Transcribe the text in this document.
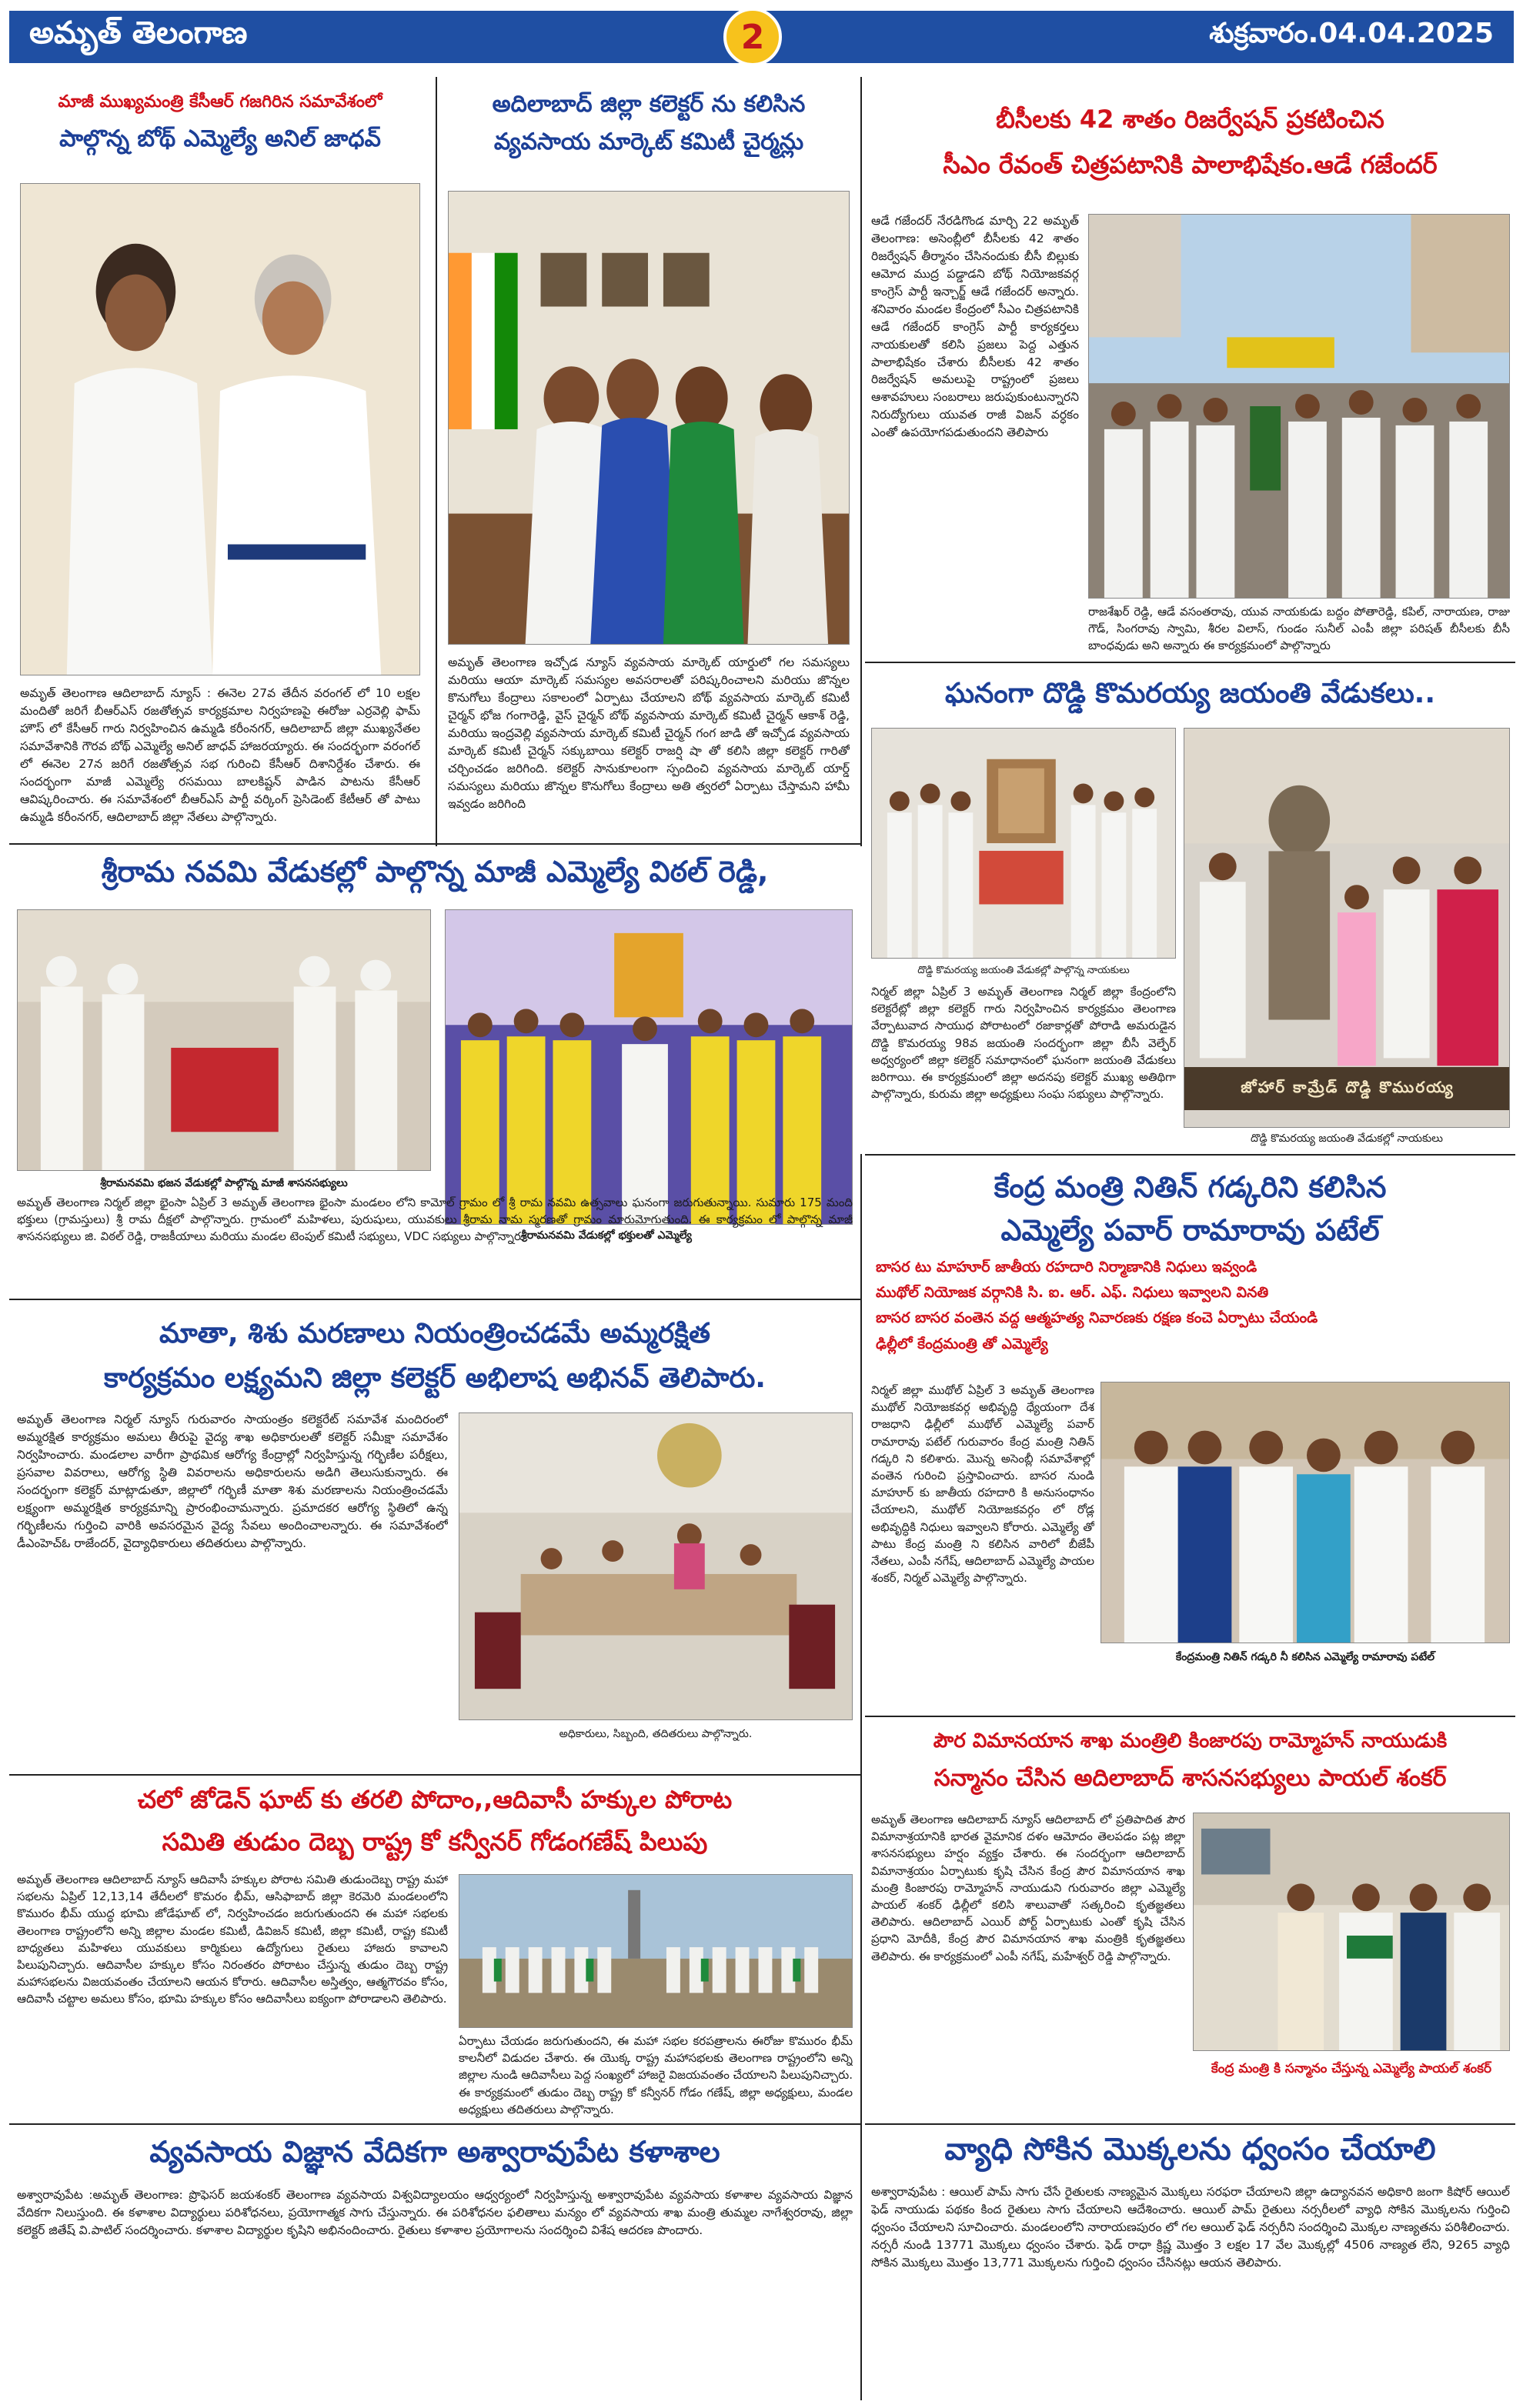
అమృత్ తెలంగాణ	శుక్రవారం.04.04.2025
2
మాజీ ముఖ్యమంత్రి కేసీఆర్ గజగిరిన సమావేశంలో
పాల్గొన్న బోథ్ ఎమ్మెల్యే అనిల్ జాధవ్
అమృత్ తెలంగాణ ఆదిలాబాద్ న్యూస్ : ఈనెల 27వ తేదీన వరంగల్ లో 10 లక్షల మందితో జరిగే బీఆర్ఎస్ రజతోత్సవ కార్యక్రమాల నిర్వహణపై ఈరోజు ఎర్రవెల్లి ఫామ్ హౌస్ లో కేసీఆర్ గారు నిర్వహించిన ఉమ్మడి కరీంనగర్, ఆదిలాబాద్ జిల్లా ముఖ్యనేతల సమావేశానికి గౌరవ బోథ్ ఎమ్మెల్యే అనిల్ జాధవ్ హాజరయ్యారు. ఈ సందర్భంగా వరంగల్ లో ఈనెల 27న జరిగే రజతోత్సవ సభ గురించి కేసీఆర్ దిశానిర్దేశం చేశారు. ఈ సందర్భంగా మాజీ ఎమ్మెల్యే రసమయి బాలకిష్టన్ పాడిన పాటను కేసీఆర్ ఆవిష్కరించారు. ఈ సమావేశంలో బీఆర్ఎస్ పార్టీ వర్కింగ్ ప్రెసిడెంట్ కేటీఆర్ తో పాటు ఉమ్మడి కరీంనగర్, ఆదిలాబాద్ జిల్లా నేతలు పాల్గొన్నారు.
అదిలాబాద్ జిల్లా కలెక్టర్ ను కలిసిన
వ్యవసాయ మార్కెట్ కమిటీ చైర్మన్లు
అమృత్ తెలంగాణ ఇచ్చోడ న్యూస్ వ్యవసాయ మార్కెట్ యార్డులో గల సమస్యలు మరియు ఆయా మార్కెట్ సమస్యల అవసరాలతో పరిష్కరించాలని మరియు జొన్నల కొనుగోలు కేంద్రాలు సకాలంలో ఏర్పాటు చేయాలని బోథ్ వ్యవసాయ మార్కెట్ కమిటీ చైర్మన్ భోజ గంగారెడ్డి, వైస్ చైర్మన్ బోథ్ వ్యవసాయ మార్కెట్ కమిటీ చైర్మన్ ఆకాశ్ రెడ్డి, మరియు ఇంద్రవెల్లి వ్యవసాయ మార్కెట్ కమిటీ చైర్మన్ గంగ జాడి తో ఇచ్చోడ వ్యవసాయ మార్కెట్ కమిటీ చైర్మన్ సక్కుబాయి కలెక్టర్ రాజర్షి షా తో కలిసి జిల్లా కలెక్టర్ గారితో చర్చించడం జరిగింది. కలెక్టర్ సానుకూలంగా స్పందించి వ్యవసాయ మార్కెట్ యార్డ్ సమస్యలు మరియు జొన్నల కొనుగోలు కేంద్రాలు అతి త్వరలో ఏర్పాటు చేస్తామని హామీ ఇవ్వడం జరిగింది
బీసీలకు 42 శాతం రిజర్వేషన్ ప్రకటించిన
సీఎం రేవంత్ చిత్రపటానికి పాలాభిషేకం.ఆడే గజేందర్
ఆడే గజేందర్ నేరడిగొండ మార్చి 22 అమృత్ తెలంగాణ: అసెంబ్లీలో బీసీలకు 42 శాతం రిజర్వేషన్ తీర్మానం చేసినందుకు బీసీ బిల్లుకు ఆమోద ముద్ర పడ్డాడని బోథ్ నియోజకవర్గ కాంగ్రెస్ పార్టీ ఇన్చార్జ్ ఆడే గజేందర్ అన్నారు. శనివారం మండల కేంద్రంలో సీఎం చిత్రపటానికి ఆడే గజేందర్ కాంగ్రెస్ పార్టీ కార్యకర్తలు నాయకులతో కలిసి ప్రజలు పెద్ద ఎత్తున పాలాభిషేకం చేశారు బీసీలకు 42 శాతం రిజర్వేషన్ అమలుపై రాష్ట్రంలో ప్రజలు ఆశావహులు సంబరాలు జరుపుకుంటున్నారని నిరుద్యోగులు యువత రాజీ విజన్ వర్ధకం ఎంతో ఉపయోగపడుతుందని తెలిపారు
రాజశేఖర్ రెడ్డి, ఆడే వసంతరావు, యువ నాయకుడు బద్దం పోతారెడ్డి, కపిల్, నారాయణ, రాజు గౌడ్, సింగరావు స్వామి, శీరల విలాస్, గుండం సునీల్ ఎంపీ జిల్లా పరిషత్ బీసీలకు బీసీ బాంధవుడు అని అన్నారు ఈ కార్యక్రమంలో పాల్గొన్నారు
ఘనంగా దొడ్డి కొమరయ్య జయంతి వేడుకలు..
దొడ్డి కొమరయ్య జయంతి వేడుకల్లో పాల్గొన్న నాయకులు
నిర్మల్ జిల్లా ఏప్రిల్ 3 అమృత్ తెలంగాణ నిర్మల్ జిల్లా కేంద్రంలోని కలెక్టరేట్లో జిల్లా కలెక్టర్ గారు నిర్వహించిన కార్యక్రమం తెలంగాణ వేర్పాటువాద సాయుధ పోరాటంలో రజాకార్లతో పోరాడి అమరుడైన దొడ్డి కొమరయ్య 98వ జయంతి సందర్భంగా జిల్లా బీసీ వెల్ఫేర్ అధ్వర్యంలో జిల్లా కలెక్టర్ సమాధానంలో ఘనంగా జయంతి వేడుకలు జరిగాయి. ఈ కార్యక్రమంలో జిల్లా అదనపు కలెక్టర్ ముఖ్య అతిథిగా పాల్గొన్నారు, కురుమ జిల్లా అధ్యక్షులు సంఘ సభ్యులు పాల్గొన్నారు.	జోహార్ కామ్రేడ్ దొడ్డి కొమురయ్య
దొడ్డి కొమరయ్య జయంతి వేడుకల్లో నాయకులు
శ్రీరామ నవమి వేడుకల్లో పాల్గొన్న మాజీ ఎమ్మెల్యే విఠల్ రెడ్డి,
శ్రీరామనవమి భజన వేడుకల్లో పాల్గొన్న మాజీ శాసనసభ్యులు
శ్రీరామనవమి వేడుకల్లో భక్తులతో ఎమ్మెల్యే
అమృత్ తెలంగాణ నిర్మల్ జిల్లా భైంసా ఏప్రిల్ 3 అమృత్ తెలంగాణ భైంసా మండలం లోని కామోల్ గ్రామం లో శ్రీ రామ నవమి ఉత్సవాలు ఘనంగా జరుగుతున్నాయి. సుమారు 175 మంది భక్తులు (గ్రామస్తులు) శ్రీ రామ దీక్షలో పాల్గొన్నారు. గ్రామంలో మహిళలు, పురుషులు, యువకులు శ్రీరామ నామ స్మరణతో గ్రామం మారుమోగుతుంది. ఈ కార్యక్రమం లో పాల్గొన్న మాజీ శాసనసభ్యులు జి. విఠల్ రెడ్డి, రాజకీయాలు మరియు మండల టెంపుల్ కమిటీ సభ్యులు, VDC సభ్యులు పాల్గొన్నారు
మాతా, శిశు మరణాలు నియంత్రించడమే అమ్మరక్షిత
కార్యక్రమం లక్ష్యమని జిల్లా కలెక్టర్ అభిలాష అభినవ్ తెలిపారు.
అమృత్ తెలంగాణ నిర్మల్ న్యూస్ గురువారం సాయంత్రం కలెక్టరేట్ సమావేశ మందిరంలో అమ్మరక్షిత కార్యక్రమం అమలు తీరుపై వైద్య శాఖ అధికారులతో కలెక్టర్ సమీక్షా సమావేశం నిర్వహించారు. మండలాల వారీగా ప్రాథమిక ఆరోగ్య కేంద్రాల్లో నిర్వహిస్తున్న గర్భిణీల పరీక్షలు, ప్రసవాల వివరాలు, ఆరోగ్య స్థితి వివరాలను అధికారులను అడిగి తెలుసుకున్నారు. ఈ సందర్భంగా కలెక్టర్ మాట్లాడుతూ, జిల్లాలో గర్భిణీ మాతా శిశు మరణాలను నియంత్రించడమే లక్ష్యంగా అమ్మరక్షిత కార్యక్రమాన్ని ప్రారంభించామన్నారు. ప్రమాదకర ఆరోగ్య స్థితిలో ఉన్న గర్భిణీలను గుర్తించి వారికి అవసరమైన వైద్య సేవలు అందించాలన్నారు. ఈ సమావేశంలో డీఎంహెచ్ఓ రాజేందర్, వైద్యాధికారులు తదితరులు పాల్గొన్నారు.
అధికారులు, సిబ్బంది, తదితరులు పాల్గొన్నారు.
కేంద్ర మంత్రి నితిన్ గడ్కరిని కలిసిన
ఎమ్మెల్యే పవార్ రామారావు పటేల్
బాసర టు మాహూర్ జాతీయ రహదారి నిర్మాణానికి నిధులు ఇవ్వండి
ముథోల్ నియోజక వర్గానికి సి. ఐ. ఆర్. ఎఫ్. నిధులు ఇవ్వాలని వినతి
బాసర బాసర వంతెన వద్ద ఆత్మహత్య నివారణకు రక్షణ కంచె ఏర్పాటు చేయండి
ఢిల్లీలో కేంద్రమంత్రి తో ఎమ్మెల్యే
నిర్మల్ జిల్లా ముథోల్ ఏప్రిల్ 3 అమృత్ తెలంగాణ ముథోల్ నియోజకవర్గ అభివృద్ధి ధ్యేయంగా దేశ రాజధాని ఢిల్లీలో ముథోల్ ఎమ్మెల్యే పవార్ రామారావు పటేల్ గురువారం కేంద్ర మంత్రి నితిన్ గడ్కరి ని కలిశారు. మొన్న అసెంబ్లీ సమావేశాల్లో వంతెన గురించి ప్రస్తావించారు. బాసర నుండి మాహూర్ కు జాతీయ రహదారి కి అనుసంధానం చేయాలని, ముథోల్ నియోజకవర్గం లో రోడ్ల అభివృద్ధికి నిధులు ఇవ్వాలని కోరారు. ఎమ్మెల్యే తో పాటు కేంద్ర మంత్రి ని కలిసిన వారిలో బీజేపీ నేతలు, ఎంపీ నగేష్, ఆదిలాబాద్ ఎమ్మెల్యే పాయల శంకర్, నిర్మల్ ఎమ్మెల్యే పాల్గొన్నారు.
కేంద్రమంత్రి నితిన్ గడ్కరి నీ కలిసిన ఎమ్మెల్యే రామారావు పటేల్
పౌర విమానయాన శాఖ మంత్రిలి కింజారపు రామ్మోహన్ నాయుడుకి
సన్మానం చేసిన అదిలాబాద్ శాసనసభ్యులు పాయల్ శంకర్
అమృత్ తెలంగాణ ఆదిలాబాద్ న్యూస్ ఆదిలాబాద్ లో ప్రతిపాదిత పౌర విమానాశ్రయానికి భారత వైమానిక దళం ఆమోదం తెలపడం పట్ల జిల్లా శాసనసభ్యులు హర్షం వ్యక్తం చేశారు. ఈ సందర్భంగా ఆదిలాబాద్ విమానాశ్రయం ఏర్పాటుకు కృషి చేసిన కేంద్ర పౌర విమానయాన శాఖ మంత్రి కింజారపు రామ్మోహన్ నాయుడుని గురువారం జిల్లా ఎమ్మెల్యే పాయల్ శంకర్ ఢిల్లీలో కలిసి శాలువాతో సత్కరించి కృతజ్ఞతలు తెలిపారు. ఆదిలాబాద్ ఎయిర్ పోర్ట్ ఏర్పాటుకు ఎంతో కృషి చేసిన ప్రధాని మోదీకి, కేంద్ర పౌర విమానయాన శాఖ మంత్రికి కృతజ్ఞతలు తెలిపారు. ఈ కార్యక్రమంలో ఎంపీ నగేష్, మహేశ్వర్ రెడ్డి పాల్గొన్నారు.
కేంద్ర మంత్రి కి సన్మానం చేస్తున్న ఎమ్మెల్యే పాయల్ శంకర్
చలో జోడెన్ ఘాట్ కు తరలి పోదాం,,ఆదివాసీ హక్కుల పోరాట
సమితి తుడుం దెబ్బ రాష్ట్ర కో కన్వీనర్ గోడంగణేష్ పిలుపు
అమృత్ తెలంగాణ ఆదిలాబాద్ న్యూస్ ఆదివాసీ హక్కుల పోరాట సమితి తుడుందెబ్బ రాష్ట్ర మహా సభలను ఏప్రిల్ 12,13,14 తేదీలలో కొమరం భీమ్, ఆసిఫాబాద్ జిల్లా కెరమెరి మండలంలోని కొమురం భీమ్ యుద్ధ భూమి జోడేఘాట్ లో, నిర్వహించడం జరుగుతుందని ఈ మహా సభలకు తెలంగాణ రాష్ట్రంలోని అన్ని జిల్లాల మండల కమిటీ, డివిజన్ కమిటీ, జిల్లా కమిటీ, రాష్ట్ర కమిటీ బాధ్యతలు మహిళలు యువకులు కార్మికులు ఉద్యోగులు రైతులు హాజరు కావాలని పిలుపునిచ్చారు. ఆదివాసీల హక్కుల కోసం నిరంతరం పోరాటం చేస్తున్న తుడుం దెబ్బ రాష్ట్ర మహాసభలను విజయవంతం చేయాలని ఆయన కోరారు. ఆదివాసీల అస్తిత్వం, ఆత్మగౌరవం కోసం, ఆదివాసీ చట్టాల అమలు కోసం, భూమి హక్కుల కోసం ఆదివాసీలు ఐక్యంగా పోరాడాలని తెలిపారు.
ఏర్పాటు చేయడం జరుగుతుందని, ఈ మహా సభల కరపత్రాలను ఈరోజు కొమురం భీమ్ కాలనీలో విడుదల చేశారు. ఈ యొక్క రాష్ట్ర మహాసభలకు తెలంగాణ రాష్ట్రంలోని అన్ని జిల్లాల నుండి ఆదివాసీలు పెద్ద సంఖ్యలో హాజరై విజయవంతం చేయాలని పిలుపునిచ్చారు. ఈ కార్యక్రమంలో తుడుం దెబ్బ రాష్ట్ర కో కన్వీనర్ గోడం గణేష్, జిల్లా అధ్యక్షులు, మండల అధ్యక్షులు తదితరులు పాల్గొన్నారు.
వ్యాధి సోకిన మొక్కలను ధ్వంసం చేయాలి
అశ్వారావుపేట : ఆయిల్ పామ్ సాగు చేసే రైతులకు నాణ్యమైన మొక్కలు సరఫరా చేయాలని జిల్లా ఉద్యానవన అధికారి జంగా కిషోర్ ఆయిల్ ఫెడ్ నాయుడు పథకం కింద రైతులు సాగు చేయాలని ఆదేశించారు. ఆయిల్ పామ్ రైతులు నర్సరీలలో వ్యాధి సోకిన మొక్కలను గుర్తించి ధ్వంసం చేయాలని సూచించారు. మండలంలోని నారాయణపురం లో గల ఆయిల్ ఫెడ్ నర్సరీని సందర్శించి మొక్కల నాణ్యతను పరిశీలించారు. నర్సరీ నుండి 13771 మొక్కలు ధ్వంసం చేశారు. ఫెడ్ రాధా క్రిష్ణ మొత్తం 3 లక్షల 17 వేల మొక్కల్లో 4506 నాణ్యత లేని, 9265 వ్యాధి సోకిన మొక్కలు మొత్తం 13,771 మొక్కలను గుర్తించి ధ్వంసం చేసినట్లు ఆయన తెలిపారు.
వ్యవసాయ విజ్ఞాన వేదికగా అశ్వారావుపేట కళాశాల
అశ్వారావుపేట :అమృత్ తెలంగాణ: ప్రొఫెసర్ జయశంకర్ తెలంగాణ వ్యవసాయ విశ్వవిద్యాలయం ఆధ్వర్యంలో నిర్వహిస్తున్న అశ్వారావుపేట వ్యవసాయ కళాశాల వ్యవసాయ విజ్ఞాన వేదికగా నిలుస్తుంది. ఈ కళాశాల విద్యార్థులు పరిశోధనలు, ప్రయోగాత్మక సాగు చేస్తున్నారు. ఈ పరిశోధనల ఫలితాలు మన్యం లో వ్యవసాయ శాఖ మంత్రి తుమ్మల నాగేశ్వరరావు, జిల్లా కలెక్టర్ జితేష్ వి.పాటిల్ సందర్శించారు. కళాశాల విద్యార్థుల కృషిని అభినందించారు. రైతులు కళాశాల ప్రయోగాలను సందర్శించి విశేష ఆదరణ పొందారు.
